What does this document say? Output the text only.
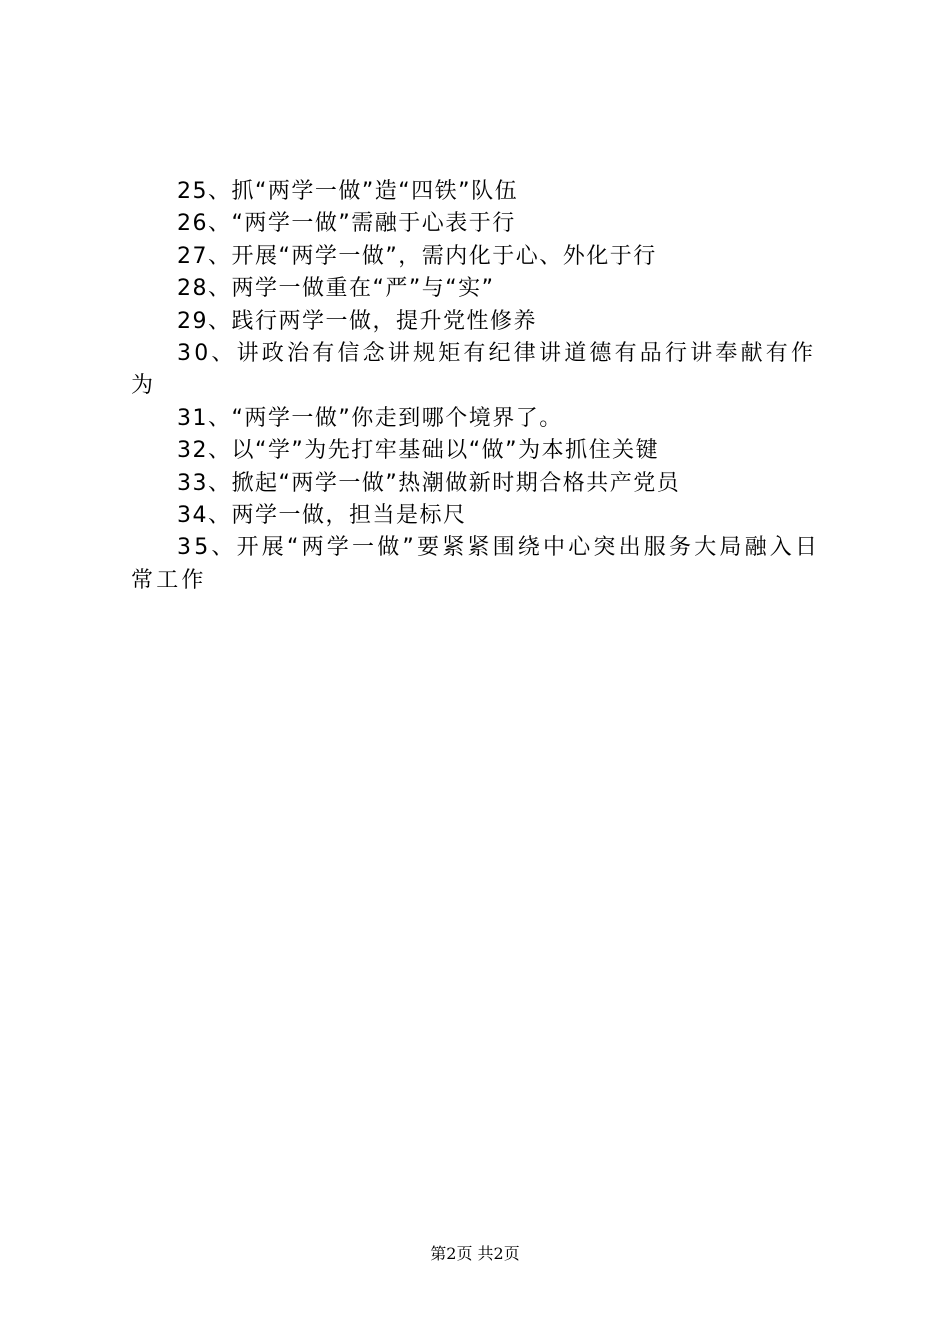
25、抓“两学一做”造“四铁”队伍

26、“两学一做”需融于心表于行

27、开展“两学一做”，需内化于心、外化于行

28、两学一做重在“严”与“实”

29、践行两学一做，提升党性修养

30、讲政治有信念讲规矩有纪律讲道德有品行讲奉献有作为

31、“两学一做”你走到哪个境界了。

32、以“学”为先打牢基础以“做”为本抓住关键

33、掀起“两学一做”热潮做新时期合格共产党员

34、两学一做，担当是标尺

35、开展“两学一做”要紧紧围绕中心突出服务大局融入日常工作

第2页 共2页
